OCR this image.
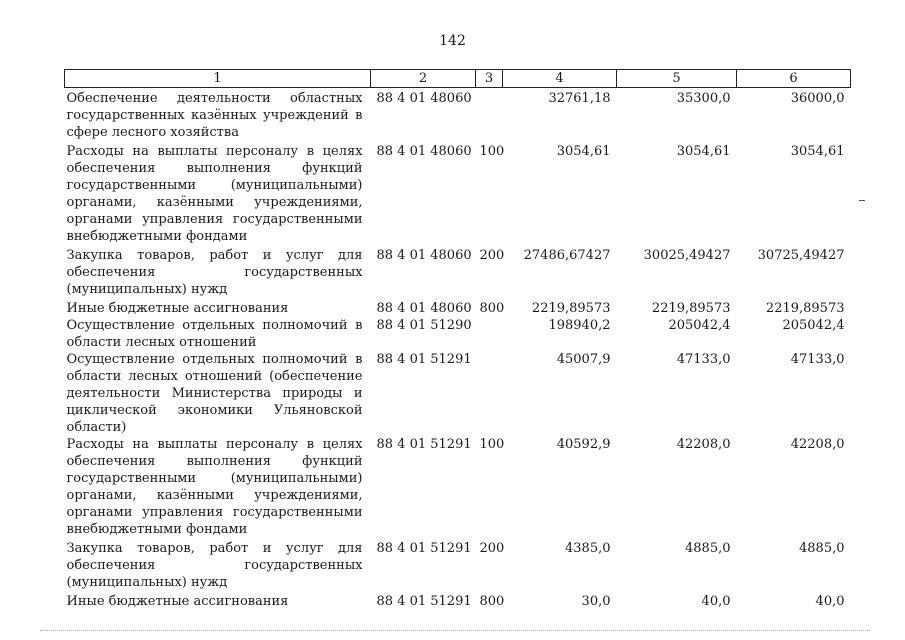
142
1	2	3	4	5	6

Обеспечение деятельности областных государственных казённых учреждений в сфере лесного хозяйства	88 4 01 48060		32761,18	35300,0	36000,0

Расходы на выплаты персоналу в целях обеспечения выполнения функций государственными (муниципальными) органами, казёнными учреждениями, органами управления государственными внебюджетными фондами	88 4 01 48060	100	3054,61	3054,61	3054,61

Закупка товаров, работ и услуг для обеспечения государственных (муниципальных) нужд	88 4 01 48060	200	27486,67427	30025,49427	30725,49427

Иные бюджетные ассигнования	88 4 01 48060	800	2219,89573	2219,89573	2219,89573
Осуществление отдельных полномочий в области лесных отношений	88 4 01 51290		198940,2	205042,4	205042,4
Осуществление отдельных полномочий в области лесных отношений (обеспечение деятельности Министерства природы и циклической экономики Ульяновской области)	88 4 01 51291		45007,9	47133,0	47133,0
Расходы на выплаты персоналу в целях обеспечения выполнения функций государственными (муниципальными) органами, казёнными учреждениями, органами управления государственными внебюджетными фондами	88 4 01 51291	100	40592,9	42208,0	42208,0

Закупка товаров, работ и услуг для обеспечения государственных (муниципальных) нужд	88 4 01 51291	200	4385,0	4885,0	4885,0

Иные бюджетные ассигнования	88 4 01 51291	800	30,0	40,0	40,0
